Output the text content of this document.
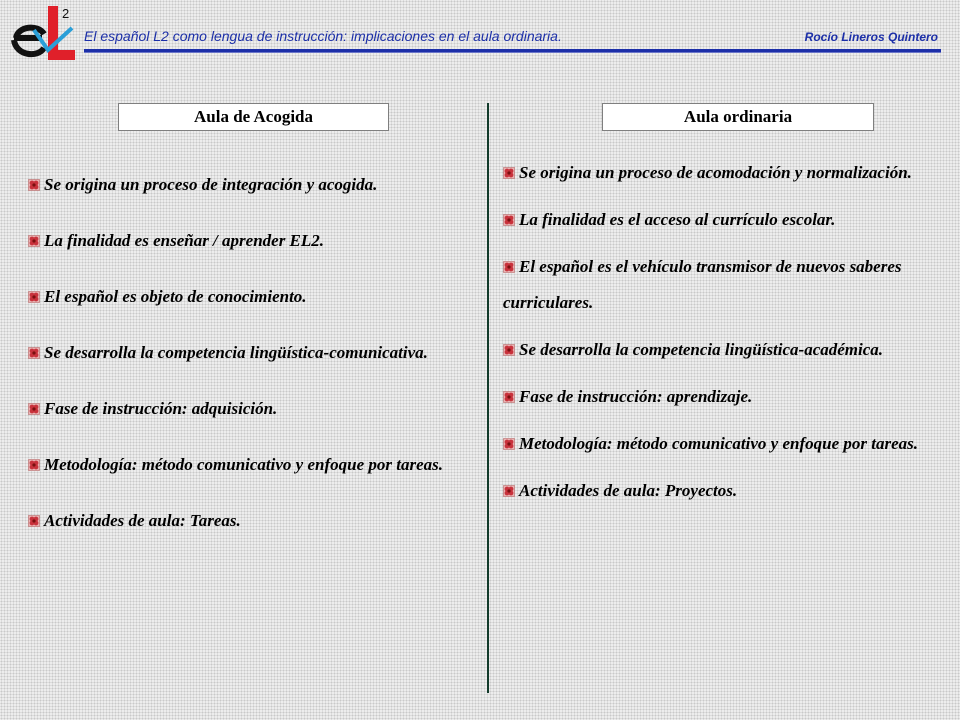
2
El español L2 como lengua de instrucción: implicaciones en el aula ordinaria.	Rocío Lineros Quintero
Aula de Acogida	Aula ordinaria
Se origina un proceso de integración y acogida.
La finalidad es enseñar / aprender EL2.
El español es objeto de conocimiento.
Se desarrolla la competencia lingüística-comunicativa.
Fase de instrucción: adquisición.
Metodología: método comunicativo y enfoque por tareas.
Actividades de aula: Tareas.
Se origina un proceso de acomodación y normalización.
La finalidad es el acceso al currículo escolar.
El español es el vehículo transmisor de nuevos saberes curriculares.
Se desarrolla la competencia lingüística-académica.
Fase de instrucción: aprendizaje.
Metodología: método comunicativo y enfoque por tareas.
Actividades de aula: Proyectos.
